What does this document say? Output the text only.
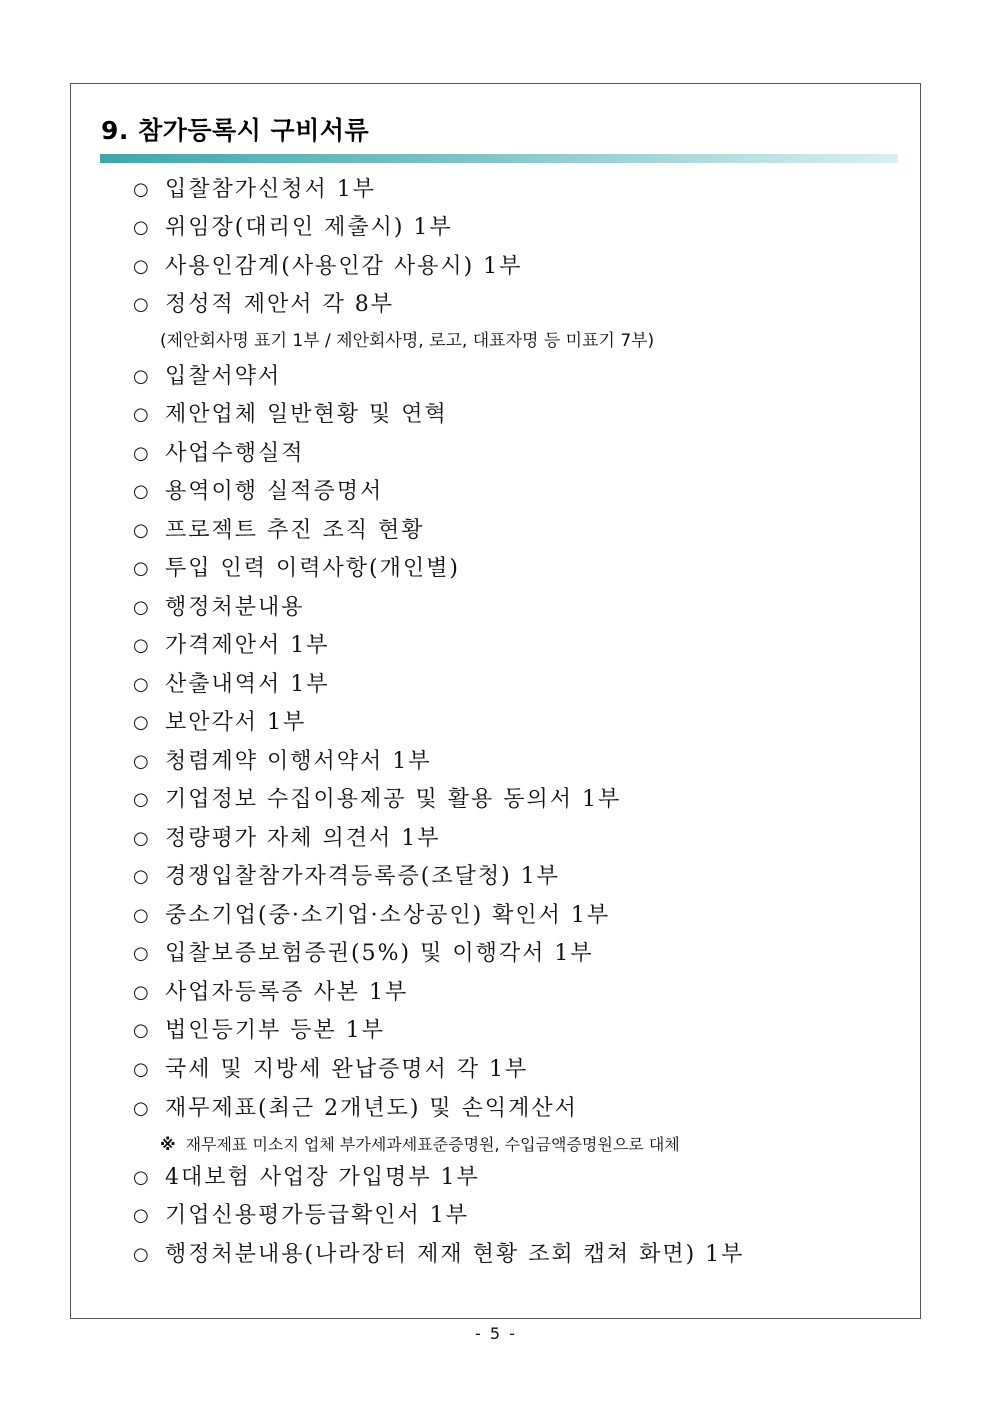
9. 참가등록시 구비서류
○ 입찰참가신청서 1부
○ 위임장(대리인 제출시) 1부
○ 사용인감계(사용인감 사용시) 1부
○ 정성적 제안서 각 8부
(제안회사명 표기 1부 / 제안회사명, 로고, 대표자명 등 미표기 7부)
○ 입찰서약서
○ 제안업체 일반현황 및 연혁
○ 사업수행실적
○ 용역이행 실적증명서
○ 프로젝트 추진 조직 현황
○ 투입 인력 이력사항(개인별)
○ 행정처분내용
○ 가격제안서 1부
○ 산출내역서 1부
○ 보안각서 1부
○ 청렴계약 이행서약서 1부
○ 기업정보 수집이용제공 및 활용 동의서 1부
○ 정량평가 자체 의견서 1부
○ 경쟁입찰참가자격등록증(조달청) 1부
○ 중소기업(중·소기업·소상공인) 확인서 1부
○ 입찰보증보험증권(5%) 및 이행각서 1부
○ 사업자등록증 사본 1부
○ 법인등기부 등본 1부
○ 국세 및 지방세 완납증명서 각 1부
○ 재무제표(최근 2개년도) 및 손익계산서
※ 재무제표 미소지 업체 부가세과세표준증명원, 수입금액증명원으로 대체
○ 4대보험 사업장 가입명부 1부
○ 기업신용평가등급확인서 1부
○ 행정처분내용(나라장터 제재 현황 조회 캡쳐 화면) 1부
- 5 -
